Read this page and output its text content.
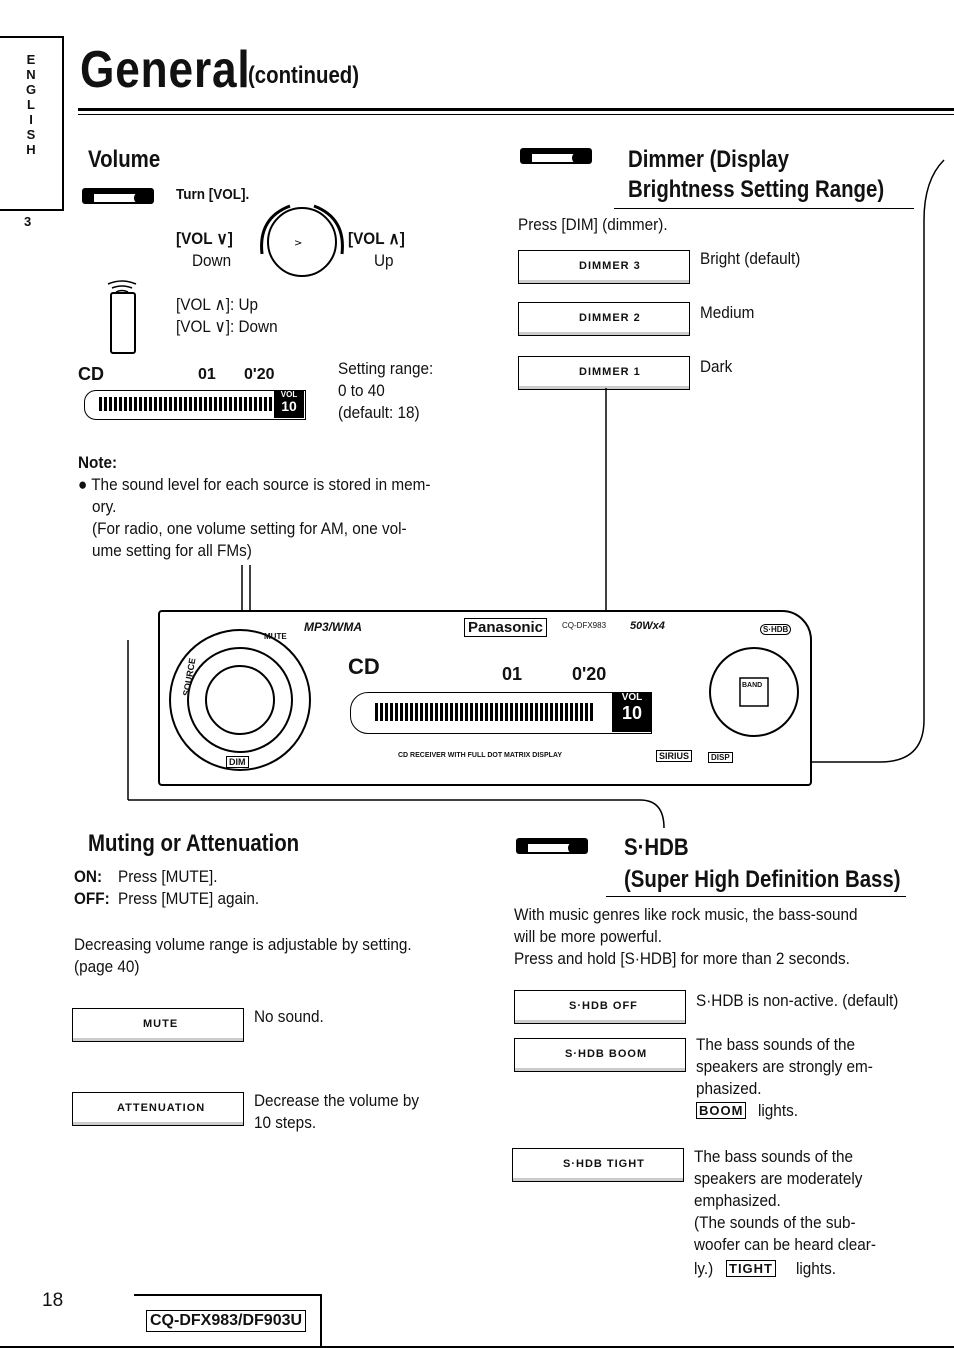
E
N
G
L
I
S
H
3
General
(continued)
Volume
Turn [VOL].
[VOL ∨]
Down
>	[VOL ∧]
Up
[VOL ∧]: Up
[VOL ∨]: Down
CD	01 0'20
VOL
10
Setting range:
0 to 40
(default: 18)
Note:
● The sound level for each source is stored in mem-
ory.
(For radio, one volume setting for AM, one vol-
ume setting for all FMs)
Dimmer (Display
Brightness Setting Range)
Press [DIM] (dimmer).
DIMMER 3	Bright (default)
DIMMER 2	Medium
DIMMER 1	Dark
MP3/WMA	Panasonic	CQ-DFX983 50Wx4
SOURCE
DIM
MUTE
CD	01	0'20
VOL
10
CD RECEIVER WITH FULL DOT MATRIX DISPLAY	SIRIUS	DISP
BAND
S·HDB
Muting or Attenuation
ON: Press [MUTE].
OFF: Press [MUTE] again.
Decreasing volume range is adjustable by setting.
(page 40)
MUTE	No sound.
ATTENUATION	Decrease the volume by
10 steps.
S·HDB
(Super High Definition Bass)
With music genres like rock music, the bass-sound
will be more powerful.
Press and hold [S·HDB] for more than 2 seconds.
S·HDB OFF	S·HDB is non-active. (default)
S·HDB BOOM	The bass sounds of the
speakers are strongly em-
phasized.
BOOM lights.
S·HDB TIGHT	The bass sounds of the
speakers are moderately
emphasized.
(The sounds of the sub-
woofer can be heard clear-
ly.) TIGHT lights.
18
CQ-DFX983/DF903U
